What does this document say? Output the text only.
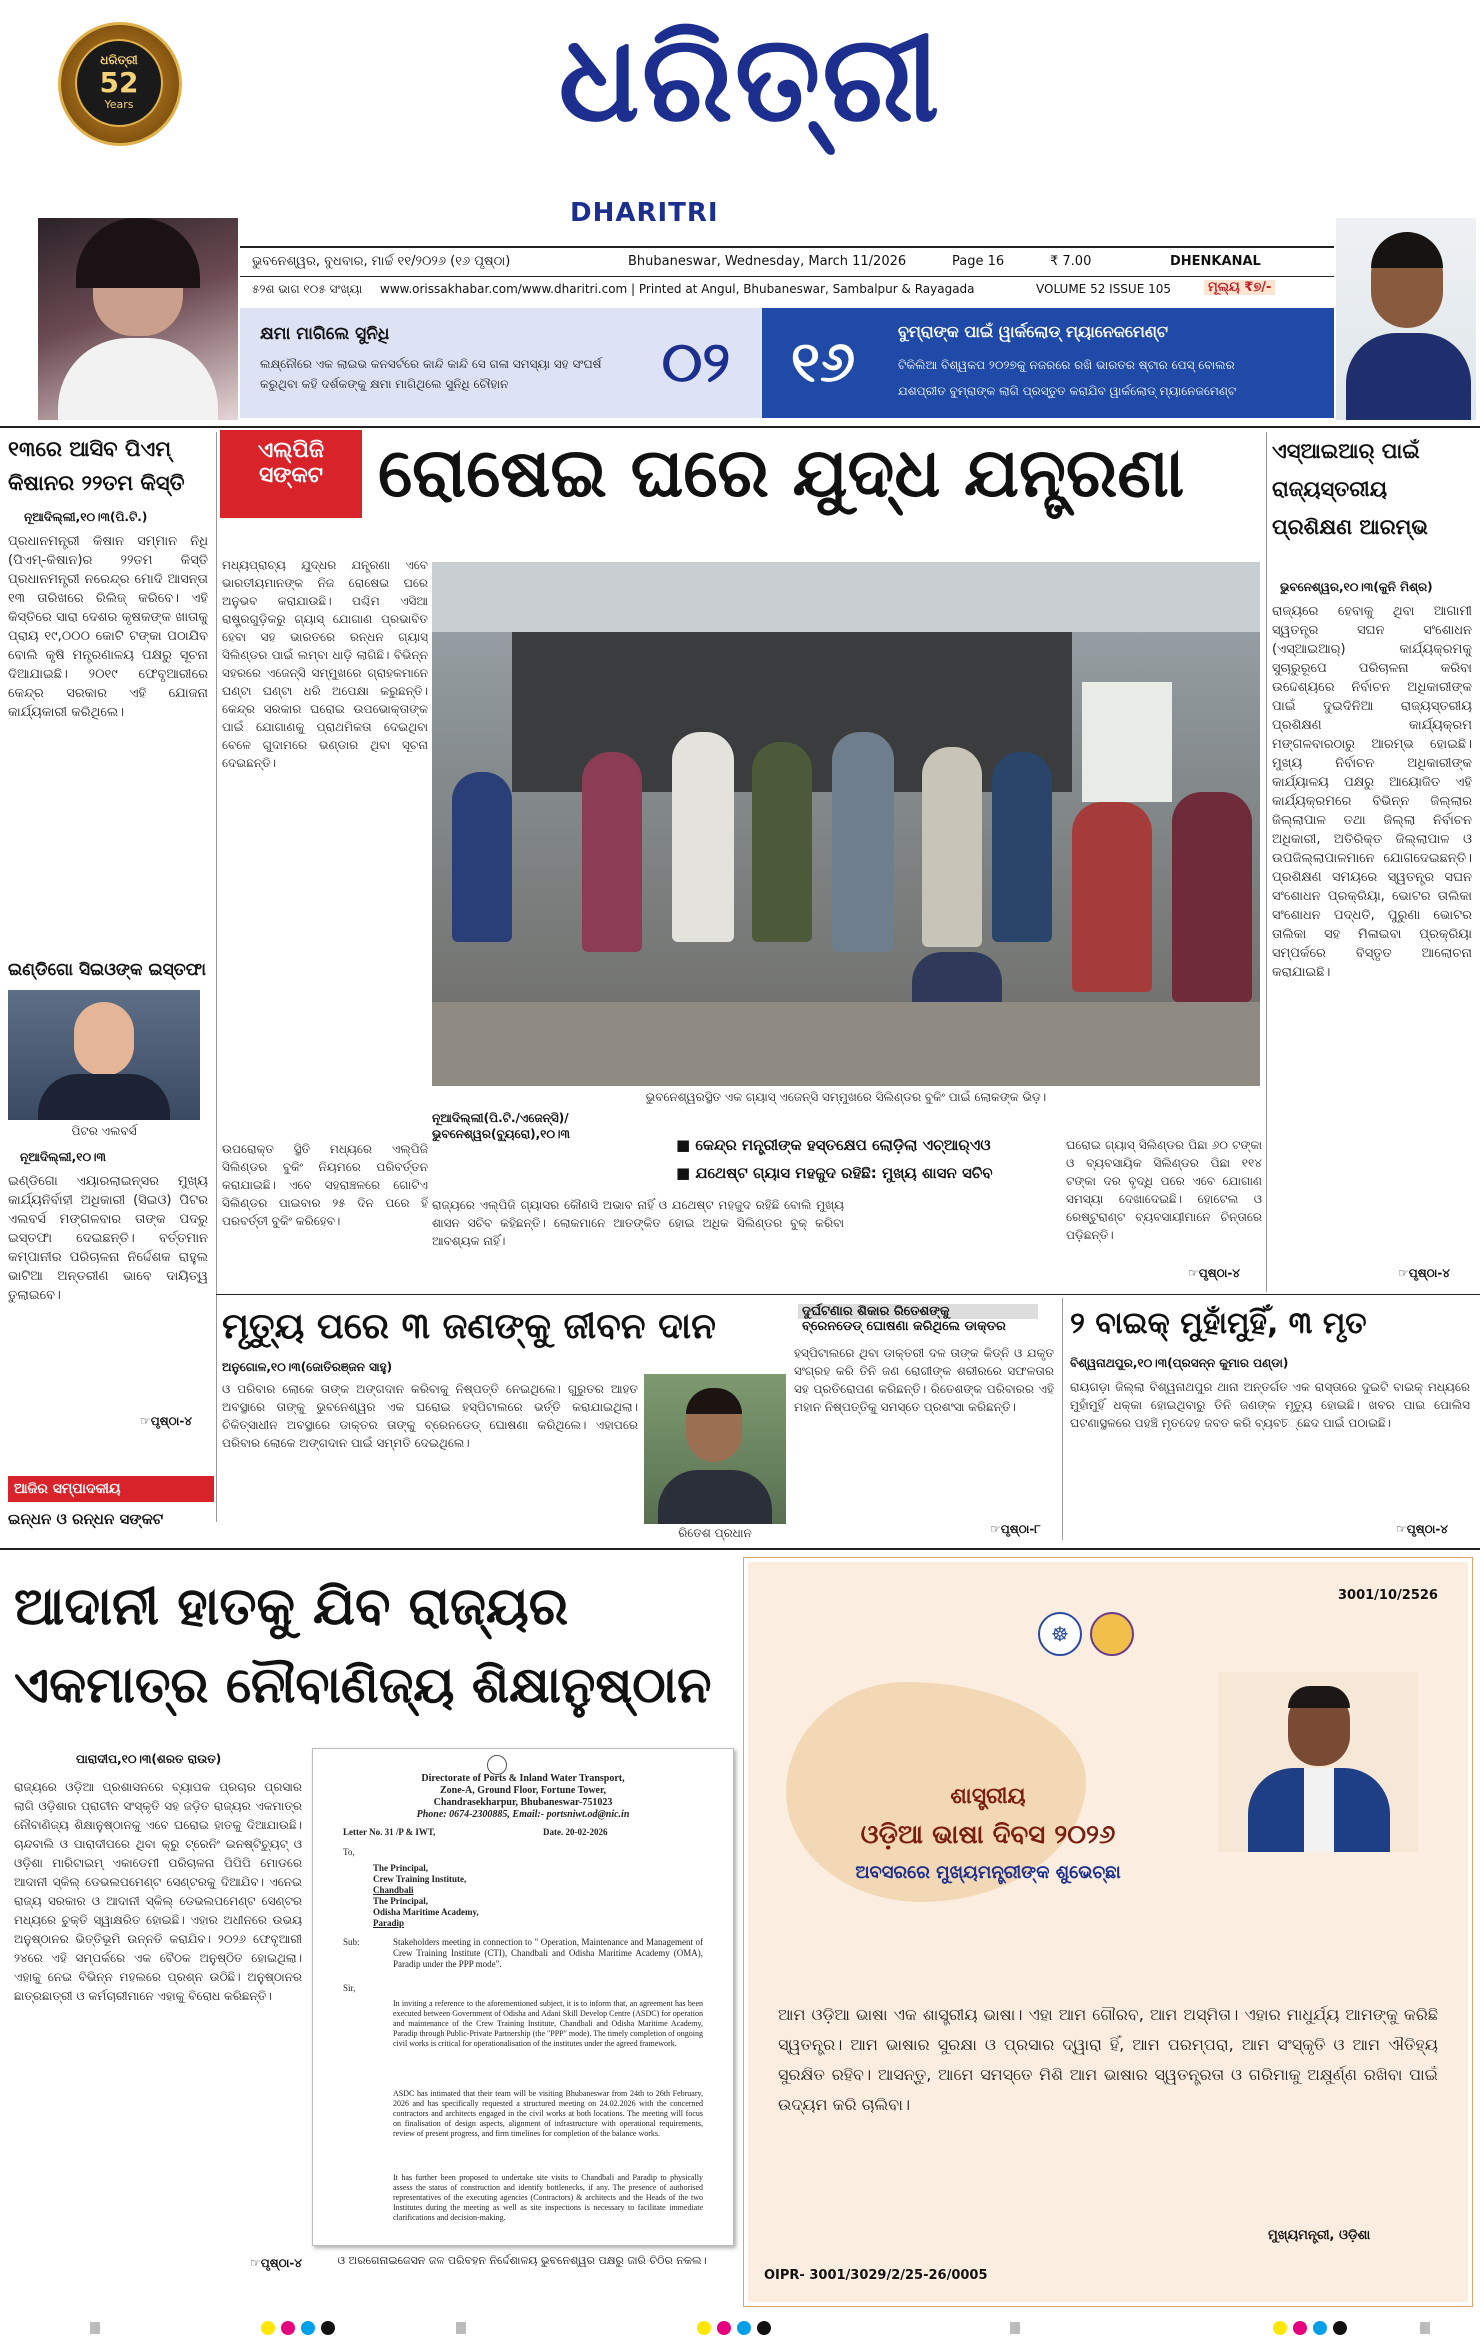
ଧରିତ୍ରୀ
52
Years	ଧରିତ୍ରୀ
DHARITRI
ଭୁବନେଶ୍ୱର, ବୁଧବାର, ମାର୍ଚ୍ଚ ୧୧/୨୦୨୬ (୧୬ ପୃଷ୍ଠା)	Bhubaneswar, Wednesday, March 11/2026	Page 16	₹ 7.00	DHENKANAL
୫୨ଶ ଭାଗ ୧୦୫ ସଂଖ୍ୟା www.orissakhabar.com/www.dharitri.com | Printed at Angul, Bhubaneswar, Sambalpur & Rayagada	VOLUME 52 ISSUE 105	ମୂଲ୍ୟ ₹୭/-
କ୍ଷମା ମାଗିଲେ ସୁନିଧି
ଲକ୍ଷ୍ନୌରେ ଏକ ଲାଇଭ କନସର୍ଟରେ କାନ୍ଦି କାନ୍ଦି ସେ ଗଳା ସମସ୍ୟା ସହ ସଂଘର୍ଷ କରୁଥିବା କହି ଦର୍ଶକଙ୍କୁ କ୍ଷମା ମାଗିଥିଲେ ସୁନିଧି ଚୌହାନ	୦୨	୧୬	ବୁମ୍‌ରାଙ୍କ ପାଇଁ ୱାର୍କଲୋଡ୍ ମ୍ୟାନେଜମେଣ୍ଟ
ଟିକିଲିଆ ବିଶ୍ୱକପ ୨୦୨୭କୁ ନଜରରେ ରଖି ଭାରତର ଷ୍ଟାର ପେସ୍ ବୋଲର
ଯଶପ୍ରୀତ ବୁମ୍‌ରାଙ୍କ ଲାଗି ପ୍ରସ୍ତୁତ କରାଯିବ ୱାର୍କଲୋଡ୍ ମ୍ୟାନେଜମେଣ୍ଟ
୧୩ରେ ଆସିବ ପିଏମ୍ କିଷାନର ୨୨ତମ କିସ୍ତି
ନୂଆଦିଲ୍ଲୀ,୧୦।୩(ପି.ଟି.)
ପ୍ରଧାନମନ୍ତ୍ରୀ କିଷାନ ସମ୍ମାନ ନିଧି (ପିଏମ୍-କିଷାନ)ର ୨୨ତମ କିସ୍ତି ପ୍ରଧାନମନ୍ତ୍ରୀ ନରେନ୍ଦ୍ର ମୋଦି ଆସନ୍ତା ୧୩ ତାରିଖରେ ରିଲିଜ୍ କରିବେ। ଏହି କିସ୍ତିରେ ସାରା ଦେଶର କୃଷକଙ୍କ ଖାତାକୁ ପ୍ରାୟ ୧୯,୦୦୦ କୋଟି ଟଙ୍କା ପଠାଯିବ ବୋଲି କୃଷି ମନ୍ତ୍ରଣାଳୟ ପକ୍ଷରୁ ସୂଚନା ଦିଆଯାଇଛି। ୨୦୧୯ ଫେବୃଆରୀରେ କେନ୍ଦ୍ର ସରକାର ଏହି ଯୋଜନା କାର୍ଯ୍ୟକାରୀ କରିଥିଲେ।
ଇଣ୍ଡିଗୋ ସିଇଓଙ୍କ ଇସ୍ତଫା
ପିଟର ଏଲବର୍ସ
ନୂଆଦିଲ୍ଲୀ,୧୦।୩
ଇଣ୍ଡିଗୋ ଏୟାରଲାଇନ୍ସର ମୁଖ୍ୟ କାର୍ଯ୍ୟନିର୍ବାହୀ ଅଧିକାରୀ (ସିଇଓ) ପିଟର ଏଲବର୍ସ ମଙ୍ଗଳବାର ତାଙ୍କ ପଦରୁ ଇସ୍ତଫା ଦେଇଛନ୍ତି। ବର୍ତ୍ତମାନ କମ୍ପାନୀର ପରିଚାଳନା ନିର୍ଦ୍ଦେଶକ ରାହୁଲ ଭାଟିଆ ଅନ୍ତରୀଣ ଭାବେ ଦାୟିତ୍ୱ ତୁଲାଇବେ।
☞ପୃଷ୍ଠା-୪
ଆଜିର ସମ୍ପାଦକୀୟ
ଇନ୍ଧନ ଓ ରନ୍ଧନ ସଙ୍କଟ
ଏଲ୍‌ପିଜି
ସଙ୍କଟ ରୋଷେଇ ଘରେ ଯୁଦ୍ଧ ଯନ୍ତ୍ରଣା
ମଧ୍ୟପ୍ରାଚ୍ୟ ଯୁଦ୍ଧର ଯନ୍ତ୍ରଣା ଏବେ ଭାରତୀୟମାନଙ୍କ ନିଜ ରୋଷେଇ ଘରେ ଅନୁଭବ କରାଯାଉଛି। ପଶ୍ଚିମ ଏସିଆ ରାଷ୍ଟ୍ରଗୁଡ଼ିକରୁ ଗ୍ୟାସ୍ ଯୋଗାଣ ପ୍ରଭାବିତ ହେବା ସହ ଭାରତରେ ରନ୍ଧନ ଗ୍ୟାସ୍ ସିଲିଣ୍ଡର ପାଇଁ ଲମ୍ବା ଧାଡ଼ି ଲାଗିଛି। ବିଭିନ୍ନ ସହରରେ ଏଜେନ୍ସି ସମ୍ମୁଖରେ ଗ୍ରାହକମାନେ ଘଣ୍ଟା ଘଣ୍ଟା ଧରି ଅପେକ୍ଷା କରୁଛନ୍ତି। କେନ୍ଦ୍ର ସରକାର ଘରୋଇ ଉପଭୋକ୍ତାଙ୍କ ପାଇଁ ଯୋଗାଣକୁ ପ୍ରାଥମିକତା ଦେଇଥିବା ବେଳେ ଗୁଦାମରେ ଭଣ୍ଡାର ଥିବା ସୂଚନା ଦେଇଛନ୍ତି।
ଭୁବନେଶ୍ୱରସ୍ଥିତ ଏକ ଗ୍ୟାସ୍ ଏଜେନ୍ସି ସମ୍ମୁଖରେ ସିଲିଣ୍ଡର ବୁକିଂ ପାଇଁ ଲୋକଙ୍କ ଭିଡ଼।
ନୂଆଦିଲ୍ଲୀ(ପି.ଟି./ଏଜେନ୍ସି)/ ଭୁବନେଶ୍ୱର(ବ୍ୟୁରୋ),୧୦।୩
ଉପରୋକ୍ତ ସ୍ଥିତି ମଧ୍ୟରେ ଏଲ୍‌ପିଜି ସିଲିଣ୍ଡର ବୁକିଂ ନିୟମରେ ପରିବର୍ତ୍ତନ କରାଯାଇଛି। ଏବେ ସହରାଞ୍ଚଳରେ ଗୋଟିଏ ସିଲିଣ୍ଡର ପାଇବାର ୨୫ ଦିନ ପରେ ହିଁ ପରବର୍ତ୍ତୀ ବୁକିଂ କରିହେବ।
■ କେନ୍ଦ୍ର ମନ୍ତ୍ରୀଙ୍କ ହସ୍ତକ୍ଷେପ ଲୋଡ଼ିଲା ଏଚ୍‌ଆର୍‌ଏଓ
■ ଯଥେଷ୍ଟ ଗ୍ୟାସ ମହଜୁଦ ରହିଛି: ମୁଖ୍ୟ ଶାସନ ସଚିବ
ରାଜ୍ୟରେ ଏଲ୍‌ପିଜି ଗ୍ୟାସର କୌଣସି ଅଭାବ ନାହିଁ ଓ ଯଥେଷ୍ଟ ମହଜୁଦ ରହିଛି ବୋଲି ମୁଖ୍ୟ ଶାସନ ସଚିବ କହିଛନ୍ତି। ଲୋକମାନେ ଆତଙ୍କିତ ହୋଇ ଅଧିକ ସିଲିଣ୍ଡର ବୁକ୍ କରିବା ଆବଶ୍ୟକ ନାହିଁ।
ଘରୋଇ ଗ୍ୟାସ୍ ସିଲିଣ୍ଡର ପିଛା ୬୦ ଟଙ୍କା ଓ ବ୍ୟବସାୟିକ ସିଲିଣ୍ଡର ପିଛା ୧୧୪ ଟଙ୍କା ଦର ବୃଦ୍ଧି ପରେ ଏବେ ଯୋଗାଣ ସମସ୍ୟା ଦେଖାଦେଇଛି। ହୋଟେଲ ଓ ରେଷ୍ଟୁରାଣ୍ଟ ବ୍ୟବସାୟୀମାନେ ଚିନ୍ତାରେ ପଡ଼ିଛନ୍ତି।
☞ପୃଷ୍ଠା-୪
ଏସ୍‌ଆଇଆର୍ ପାଇଁ ରାଜ୍ୟସ୍ତରୀୟ ପ୍ରଶିକ୍ଷଣ ଆରମ୍ଭ
ଭୁବନେଶ୍ୱର,୧୦।୩(କୁନି ମିଶ୍ର)
ରାଜ୍ୟରେ ହେବାକୁ ଥିବା ଆଗାମୀ ସ୍ୱତନ୍ତ୍ର ସଘନ ସଂଶୋଧନ (ଏସ୍‌ଆଇଆର୍) କାର୍ଯ୍ୟକ୍ରମକୁ ସୁଚାରୁରୂପେ ପରିଚାଳନା କରିବା ଉଦ୍ଦେଶ୍ୟରେ ନିର୍ବାଚନ ଅଧିକାରୀଙ୍କ ପାଇଁ ଦୁଇଦିନିଆ ରାଜ୍ୟସ୍ତରୀୟ ପ୍ରଶିକ୍ଷଣ କାର୍ଯ୍ୟକ୍ରମ ମଙ୍ଗଳବାରଠାରୁ ଆରମ୍ଭ ହୋଇଛି। ମୁଖ୍ୟ ନିର୍ବାଚନ ଅଧିକାରୀଙ୍କ କାର୍ଯ୍ୟାଳୟ ପକ୍ଷରୁ ଆୟୋଜିତ ଏହି କାର୍ଯ୍ୟକ୍ରମରେ ବିଭିନ୍ନ ଜିଲ୍ଲାର ଜିଲ୍ଲାପାଳ ତଥା ଜିଲ୍ଲା ନିର୍ବାଚନ ଅଧିକାରୀ, ଅତିରିକ୍ତ ଜିଲ୍ଲାପାଳ ଓ ଉପଜିଲ୍ଲାପାଳମାନେ ଯୋଗଦେଇଛନ୍ତି। ପ୍ରଶିକ୍ଷଣ ସମୟରେ ସ୍ୱତନ୍ତ୍ର ସଘନ ସଂଶୋଧନ ପ୍ରକ୍ରିୟା, ଭୋଟର ତାଲିକା ସଂଶୋଧନ ପଦ୍ଧତି, ପୁରୁଣା ଭୋଟର ତାଲିକା ସହ ମିଳାଇବା ପ୍ରକ୍ରିୟା ସମ୍ପର୍କରେ ବିସ୍ତୃତ ଆଲୋଚନା କରାଯାଇଛି।
☞ପୃଷ୍ଠା-୪
ମୃତ୍ୟୁ ପରେ ୩ ଜଣଙ୍କୁ ଜୀବନ ଦାନ	ଦୁର୍ଘଟଣାର ଶିକାର ରିତେଶଙ୍କୁ
ବ୍ରେନଡେଡ୍ ଘୋଷଣା କରିଥିଲେ ଡାକ୍ତର
ଅନୁଗୋଳ,୧୦।୩(ଜୋତିରଞ୍ଜନ ସାହୁ)
ଓ ପରିବାର ଲୋକେ ତାଙ୍କ ଅଙ୍ଗଦାନ କରିବାକୁ ନିଷ୍ପତ୍ତି ନେଇଥିଲେ। ଗୁରୁତର ଆହତ ଅବସ୍ଥାରେ ତାଙ୍କୁ ଭୁବନେଶ୍ୱର ଏକ ଘରୋଇ ହସ୍ପିଟାଲରେ ଭର୍ତ୍ତି କରାଯାଇଥିଲା। ଚିକିତ୍ସାଧୀନ ଅବସ୍ଥାରେ ଡାକ୍ତର ତାଙ୍କୁ ବ୍ରେନଡେଡ୍ ଘୋଷଣା କରିଥିଲେ। ଏହାପରେ ପରିବାର ଲୋକେ ଅଙ୍ଗଦାନ ପାଇଁ ସମ୍ମତି ଦେଇଥିଲେ।
ରିତେଶ ପ୍ରଧାନ
ହସ୍ପିଟାଲରେ ଥିବା ଡାକ୍ତରୀ ଦଳ ତାଙ୍କ କିଡ୍‌ନି ଓ ଯକୃତ ସଂଗ୍ରହ କରି ତିନି ଜଣ ରୋଗୀଙ୍କ ଶରୀରରେ ସଫଳତାର ସହ ପ୍ରତିରୋପଣ କରିଛନ୍ତି। ରିତେଶଙ୍କ ପରିବାରର ଏହି ମହାନ ନିଷ୍ପତ୍ତିକୁ ସମସ୍ତେ ପ୍ରଶଂସା କରିଛନ୍ତି।
☞ପୃଷ୍ଠା-୮
୨ ବାଇକ୍ ମୁହାଁମୁହିଁ, ୩ ମୃତ
ବିଶ୍ୱନାଥପୁର,୧୦।୩(ପ୍ରସନ୍ନ କୁମାର ପଣ୍ଡା)
ରାୟଗଡ଼ା ଜିଲ୍ଲା ବିଶ୍ୱନାଥପୁର ଥାନା ଅନ୍ତର୍ଗତ ଏକ ରାସ୍ତାରେ ଦୁଇଟି ବାଇକ୍ ମଧ୍ୟରେ ମୁହାଁମୁହିଁ ଧକ୍କା ହୋଇଥିବାରୁ ତିନି ଜଣଙ୍କ ମୃତ୍ୟୁ ହୋଇଛି। ଖବର ପାଇ ପୋଲିସ ଘଟଣାସ୍ଥଳରେ ପହଞ୍ଚି ମୃତଦେହ ଜବତ କରି ବ୍ୟବচ୍ଛେଦ ପାଇଁ ପଠାଇଛି।
☞ପୃଷ୍ଠା-୪
ଆଦାନୀ ହାତକୁ ଯିବ ରାଜ୍ୟର
ଏକମାତ୍ର ନୌବାଣିଜ୍ୟ ଶିକ୍ଷାନୁଷ୍ଠାନ
ପାରାଦୀପ,୧୦।୩(ଶରତ ରାଉତ)
ରାଜ୍ୟରେ ଓଡ଼ିଆ ପ୍ରଶାସନରେ ବ୍ୟାପକ ପ୍ରଚାର ପ୍ରସାର ଲାଗି ଓଡ଼ିଶାର ପ୍ରାଚୀନ ସଂସ୍କୃତି ସହ ଜଡ଼ିତ ରାଜ୍ୟର ଏକମାତ୍ର ନୌବାଣିଜ୍ୟ ଶିକ୍ଷାନୁଷ୍ଠାନକୁ ଏବେ ଘରୋଇ ହାତକୁ ଦିଆଯାଉଛି। ଚାନ୍ଦବାଲି ଓ ପାରାଦୀପରେ ଥିବା କ୍ରୁ ଟ୍ରେନିଂ ଇନଷ୍ଟିଚ୍ୟୁଟ୍ ଓ ଓଡ଼ିଶା ମାରିଟାଇମ୍ ଏକାଡେମୀ ପରିଚାଳନା ପିପିପି ମୋଡରେ ଆଦାନୀ ସ୍କିଲ୍ ଡେଭଲପମେଣ୍ଟ ସେଣ୍ଟରକୁ ଦିଆଯିବ। ଏନେଇ ରାଜ୍ୟ ସରକାର ଓ ଆଦାନୀ ସ୍କିଲ୍ ଡେଭଲପମେଣ୍ଟ ସେଣ୍ଟର ମଧ୍ୟରେ ଚୁକ୍ତି ସ୍ୱାକ୍ଷରିତ ହୋଇଛି। ଏହାର ଅଧୀନରେ ଉଭୟ ଅନୁଷ୍ଠାନର ଭିତ୍ତିଭୂମି ଉନ୍ନତି କରାଯିବ। ୨୦୨୬ ଫେବୃଆରୀ ୨୪ରେ ଏହି ସମ୍ପର୍କରେ ଏକ ବୈଠକ ଅନୁଷ୍ଠିତ ହୋଇଥିଲା। ଏହାକୁ ନେଇ ବିଭିନ୍ନ ମହଲରେ ପ୍ରଶ୍ନ ଉଠିଛି। ଅନୁଷ୍ଠାନର ଛାତ୍ରଛାତ୍ରୀ ଓ କର୍ମଚାରୀମାନେ ଏହାକୁ ବିରୋଧ କରିଛନ୍ତି।
☞ପୃଷ୍ଠା-୪
Directorate of Ports & Inland Water Transport,
Zone-A, Ground Floor, Fortune Tower,
Chandrasekharpur, Bhubaneswar-751023
Phone: 0674-2300885, Email:- portsniwt.od@nic.in
Letter No. 31 /P & IWT,	Date. 20-02-2026
To,
The Principal,
Crew Training Institute,
Chandbali
The Principal,
Odisha Maritime Academy,
Paradip
Sub:	Stakeholders meeting in connection to " Operation, Maintenance and Management of Crew Training Institute (CTI), Chandbali and Odisha Maritime Academy (OMA), Paradip under the PPP mode".
Sir,
In inviting a reference to the aforementioned subject, it is to inform that, an agreement has been executed between Government of Odisha and Adani Skill Develop Centre (ASDC) for operation and maintenance of the Crew Training Institute, Chandbali and Odisha Maritime Academy, Paradip through Public-Private Partnership (the "PPP" mode). The timely completion of ongoing civil works is critical for operationalisation of the institutes under the agreed framework.
ASDC has intimated that their team will be visiting Bhubaneswar from 24th to 26th February, 2026 and has specifically requested a structured meeting on 24.02.2026 with the concerned contractors and architects engaged in the civil works at both locations. The meeting will focus on finalisation of design aspects, alignment of infrastructure with operational requirements, review of present progress, and firm timelines for completion of the balance works.
It has further been proposed to undertake site visits to Chandbali and Paradip to physically assess the status of construction and identify bottlenecks, if any. The presence of authorised representatives of the executing agencies (Contractors) & architects and the Heads of the two Institutes during the meeting as well as site inspections is necessary to facilitate immediate clarifications and decision-making.
ଓ ଅରଗେନାଇଜେସନ ଜଳ ପରିବହନ ନିର୍ଦ୍ଦେଶାଳୟ ଭୁବନେଶ୍ୱର ପକ୍ଷରୁ ଜାରି ଚିଠିର ନକଲ।
3001/10/2526
☸
ଶାସ୍ତ୍ରୀୟ
ଓଡ଼ିଆ ଭାଷା ଦିବସ ୨୦୨୬
ଅବସରରେ ମୁଖ୍ୟମନ୍ତ୍ରୀଙ୍କ ଶୁଭେଚ୍ଛା
ଆମ ଓଡ଼ିଆ ଭାଷା ଏକ ଶାସ୍ତ୍ରୀୟ ଭାଷା। ଏହା ଆମ ଗୌରବ, ଆମ ଅସ୍ମିତା। ଏହାର ମାଧୁର୍ଯ୍ୟ ଆମଙ୍କୁ କରିଛି ସ୍ୱତନ୍ତ୍ର। ଆମ ଭାଷାର ସୁରକ୍ଷା ଓ ପ୍ରସାର ଦ୍ୱାରା ହିଁ, ଆମ ପରମ୍ପରା, ଆମ ସଂସ୍କୃତି ଓ ଆମ ଐତିହ୍ୟ ସୁରକ୍ଷିତ ରହିବ। ଆସନ୍ତୁ, ଆମେ ସମସ୍ତେ ମିଶି ଆମ ଭାଷାର ସ୍ୱତନ୍ତ୍ରତା ଓ ଗରିମାକୁ ଅକ୍ଷୁର୍ଣ୍ଣ ରଖିବା ପାଇଁ ଉଦ୍ୟମ କରି ଚାଲିବା।
ମୁଖ୍ୟମନ୍ତ୍ରୀ, ଓଡ଼ିଶା
OIPR- 3001/3029/2/25-26/0005
